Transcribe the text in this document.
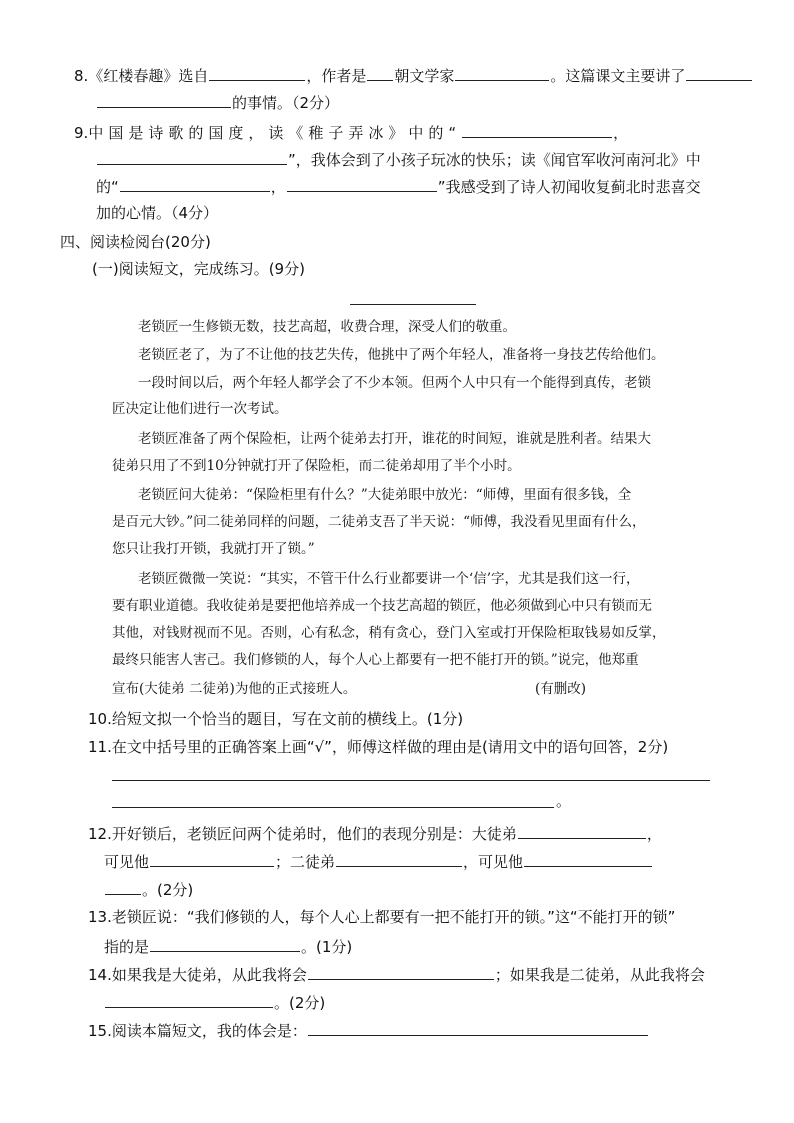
8.《红楼春趣》选自	，作者是 朝文学家	。这篇课文主要讲了
的事情。（2分）
9.中国是诗歌的国度，读《稚子弄冰》中的“	，
”，我体会到了小孩子玩冰的快乐；读《闻官军收河南河北》中
的“	，	”我感受到了诗人初闻收复蓟北时悲喜交
加的心情。（4分）
四、阅读检阅台(20分)
(一)阅读短文，完成练习。(9分)
老锁匠一生修锁无数，技艺高超，收费合理，深受人们的敬重。
老锁匠老了，为了不让他的技艺失传，他挑中了两个年轻人，准备将一身技艺传给他们。
一段时间以后，两个年轻人都学会了不少本领。但两个人中只有一个能得到真传，老锁
匠决定让他们进行一次考试。
老锁匠准备了两个保险柜，让两个徒弟去打开，谁花的时间短，谁就是胜利者。结果大
徒弟只用了不到10分钟就打开了保险柜，而二徒弟却用了半个小时。
老锁匠问大徒弟：“保险柜里有什么？”大徒弟眼中放光：“师傅，里面有很多钱，全
是百元大钞。”问二徒弟同样的问题，二徒弟支吾了半天说：“师傅，我没看见里面有什么，
您只让我打开锁，我就打开了锁。”
老锁匠微微一笑说：“其实，不管干什么行业都要讲一个‘信’字，尤其是我们这一行，
要有职业道德。我收徒弟是要把他培养成一个技艺高超的锁匠，他必须做到心中只有锁而无
其他，对钱财视而不见。否则，心有私念，稍有贪心，登门入室或打开保险柜取钱易如反掌，
最终只能害人害己。我们修锁的人，每个人心上都要有一把不能打开的锁。”说完，他郑重
宣布(大徒弟 二徒弟)为他的正式接班人。	(有删改)
10.给短文拟一个恰当的题目，写在文前的横线上。(1分)
11.在文中括号里的正确答案上画“√”，师傅这样做的理由是(请用文中的语句回答，2分)
。
12.开好锁后，老锁匠问两个徒弟时，他们的表现分别是：大徒弟	，
可见他	；二徒弟	，可见他
。(2分)
13.老锁匠说：“我们修锁的人，每个人心上都要有一把不能打开的锁。”这“不能打开的锁”
指的是	。(1分)
14.如果我是大徒弟，从此我将会	；如果我是二徒弟，从此我将会
。(2分)
15.阅读本篇短文，我的体会是：
